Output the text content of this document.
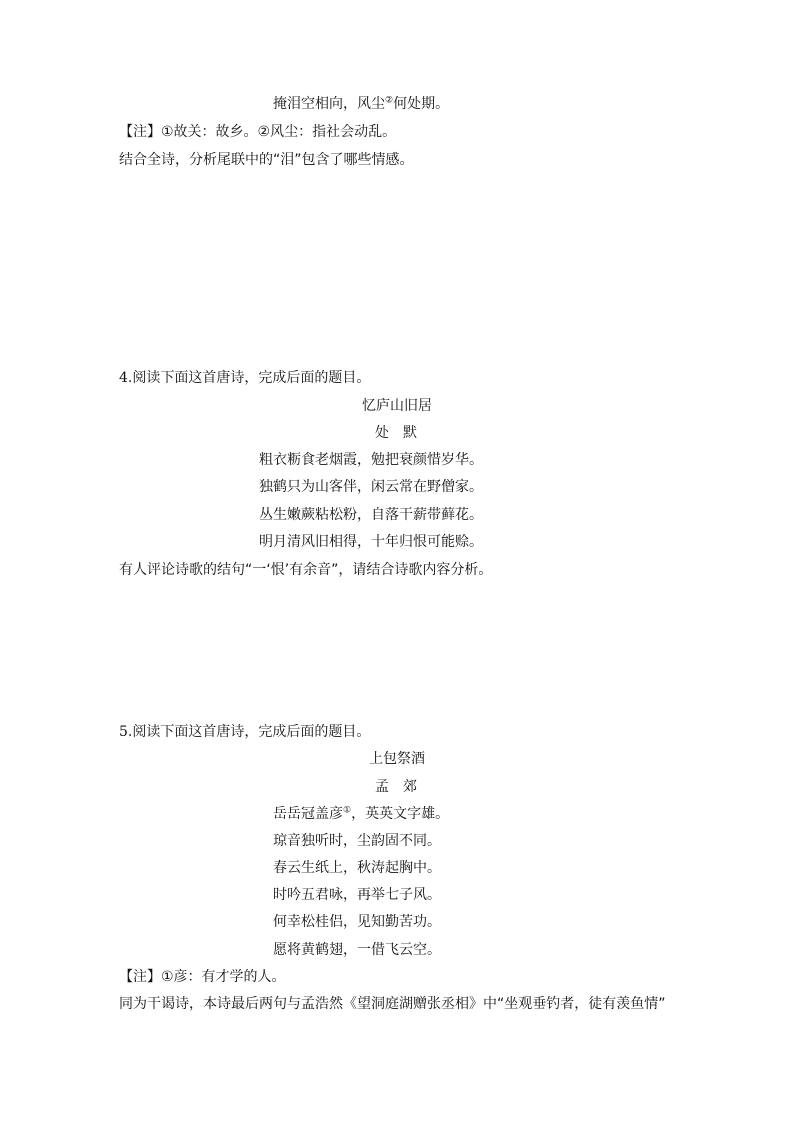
掩泪空相向，风尘②何处期。
【注】①故关：故乡。②风尘：指社会动乱。
结合全诗，分析尾联中的“泪”包含了哪些情感。
4.阅读下面这首唐诗，完成后面的题目。
忆庐山旧居
处　默
粗衣粝食老烟霞，勉把衰颜惜岁华。
独鹤只为山客伴，闲云常在野僧家。
丛生嫩蕨粘松粉，自落干薪带藓花。
明月清风旧相得，十年归恨可能赊。
有人评论诗歌的结句“一‘恨’有余音”，请结合诗歌内容分析。
5.阅读下面这首唐诗，完成后面的题目。
上包祭酒
孟　郊
岳岳冠盖彦①，英英文字雄。
琼音独听时，尘韵固不同。
春云生纸上，秋涛起胸中。
时吟五君咏，再举七子风。
何幸松桂侣，见知勤苦功。
愿将黄鹤翅，一借飞云空。
【注】①彦：有才学的人。
同为干谒诗，本诗最后两句与孟浩然《望洞庭湖赠张丞相》中“坐观垂钓者，徒有羡鱼情”
